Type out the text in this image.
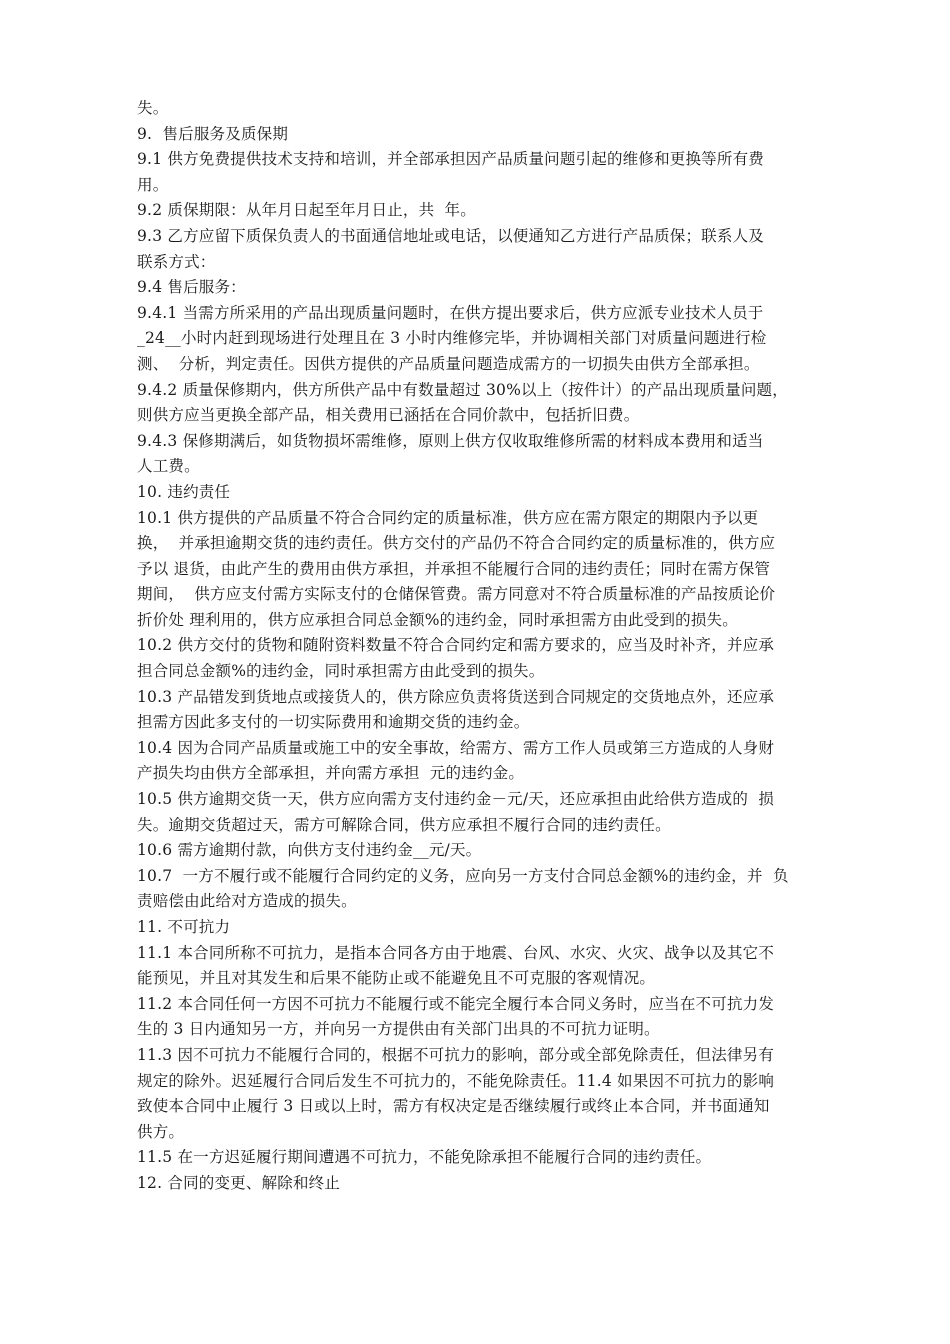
失。
9.  售后服务及质保期
9.1 供方免费提供技术支持和培训，并全部承担因产品质量问题引起的维修和更换等所有费
用。
9.2 质保期限：从年月日起至年月日止，共  年。
9.3 乙方应留下质保负责人的书面通信地址或电话，以便通知乙方进行产品质保；联系人及
联系方式：
9.4 售后服务：
9.4.1 当需方所采用的产品出现质量问题时，在供方提出要求后，供方应派专业技术人员于
_24__小时内赶到现场进行处理且在 3 小时内维修完毕，并协调相关部门对质量问题进行检
测、  分析，判定责任。因供方提供的产品质量问题造成需方的一切损失由供方全部承担。
9.4.2 质量保修期内，供方所供产品中有数量超过 30%以上（按件计）的产品出现质量问题，
则供方应当更换全部产品，相关费用已涵括在合同价款中，包括折旧费。
9.4.3 保修期满后，如货物损坏需维修，原则上供方仅收取维修所需的材料成本费用和适当
人工费。
10. 违约责任
10.1 供方提供的产品质量不符合合同约定的质量标准，供方应在需方限定的期限内予以更
换，  并承担逾期交货的违约责任。供方交付的产品仍不符合合同约定的质量标准的，供方应
予以 退货，由此产生的费用由供方承担，并承担不能履行合同的违约责任；同时在需方保管
期间，  供方应支付需方实际支付的仓储保管费。需方同意对不符合质量标准的产品按质论价
折价处 理利用的，供方应承担合同总金额%的违约金，同时承担需方由此受到的损失。
10.2 供方交付的货物和随附资料数量不符合合同约定和需方要求的，应当及时补齐，并应承
担合同总金额%的违约金，同时承担需方由此受到的损失。
10.3 产品错发到货地点或接货人的，供方除应负责将货送到合同规定的交货地点外，还应承
担需方因此多支付的一切实际费用和逾期交货的违约金。
10.4 因为合同产品质量或施工中的安全事故，给需方、需方工作人员或第三方造成的人身财
产损失均由供方全部承担，并向需方承担  元的违约金。
10.5 供方逾期交货一天，供方应向需方支付违约金－元/天，还应承担由此给供方造成的  损
失。逾期交货超过天，需方可解除合同，供方应承担不履行合同的违约责任。
10.6 需方逾期付款，向供方支付违约金__元/天。
10.7  一方不履行或不能履行合同约定的义务，应向另一方支付合同总金额%的违约金，并  负
责赔偿由此给对方造成的损失。
11. 不可抗力
11.1 本合同所称不可抗力，是指本合同各方由于地震、台风、水灾、火灾、战争以及其它不
能预见，并且对其发生和后果不能防止或不能避免且不可克服的客观情况。
11.2 本合同任何一方因不可抗力不能履行或不能完全履行本合同义务时，应当在不可抗力发
生的 3 日内通知另一方，并向另一方提供由有关部门出具的不可抗力证明。
11.3 因不可抗力不能履行合同的，根据不可抗力的影响，部分或全部免除责任，但法律另有
规定的除外。迟延履行合同后发生不可抗力的，不能免除责任。11.4 如果因不可抗力的影响
致使本合同中止履行 3 日或以上时，需方有权决定是否继续履行或终止本合同，并书面通知
供方。
11.5 在一方迟延履行期间遭遇不可抗力，不能免除承担不能履行合同的违约责任。
12. 合同的变更、解除和终止
